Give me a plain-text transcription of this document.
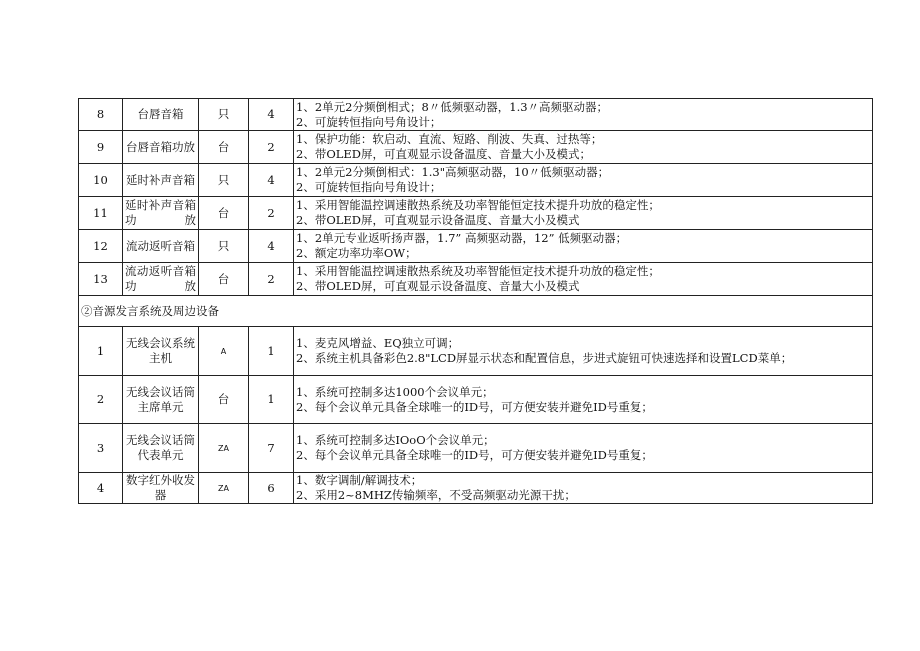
8	台唇音箱	只	4	1、2单元2分频倒相式；8〃低频驱动器，1.3〃高频驱动器；
2、可旋转恒指向号角设计；

9	台唇音箱功放	台	2	1、保护功能：软启动、直流、短路、削波、失真、过热等；
2、带OLED屏，可直观显示设备温度、音量大小及模式；

10	延时补声音箱	只	4	1、2单元2分频倒相式：1.3"高频驱动器，10〃低频驱动器；
2、可旋转恒指向号角设计；

11	延时补声音箱功放	台	2	1、采用智能温控调速散热系统及功率智能恒定技术提升功放的稳定性；
2、带OLED屏，可直观显示设备温度、音量大小及模式

12	流动返听音箱	只	4	1、2单元专业返听扬声器，1.7” 高频驱动器，12” 低频驱动器；
2、额定功率功率OW；

13	流动返听音箱功放	台	2	1、采用智能温控调速散热系统及功率智能恒定技术提升功放的稳定性；
2、带OLED屏，可直观显示设备温度、音量大小及模式

②音源发言系统及周边设备				
1	无线会议系统主机	A	1	1、麦克风增益、EQ独立可调；
2、系统主机具备彩色2.8"LCD屏显示状态和配置信息，步进式旋钮可快速选择和设置LCD菜单；

2	无线会议话筒主席单元	台	1	1、系统可控制多达1000个会议单元；
2、每个会议单元具备全球唯一的ID号，可方便安装并避免ID号重复；

3	无线会议话筒代表单元	ZA	7	1、系统可控制多达IOoO个会议单元；
2、每个会议单元具备全球唯一的ID号，可方便安装并避免ID号重复；

4	数字红外收发器	ZA	6	1、数字调制/解调技术；
2、采用2~8MHZ传输频率，不受高频驱动光源干扰；
